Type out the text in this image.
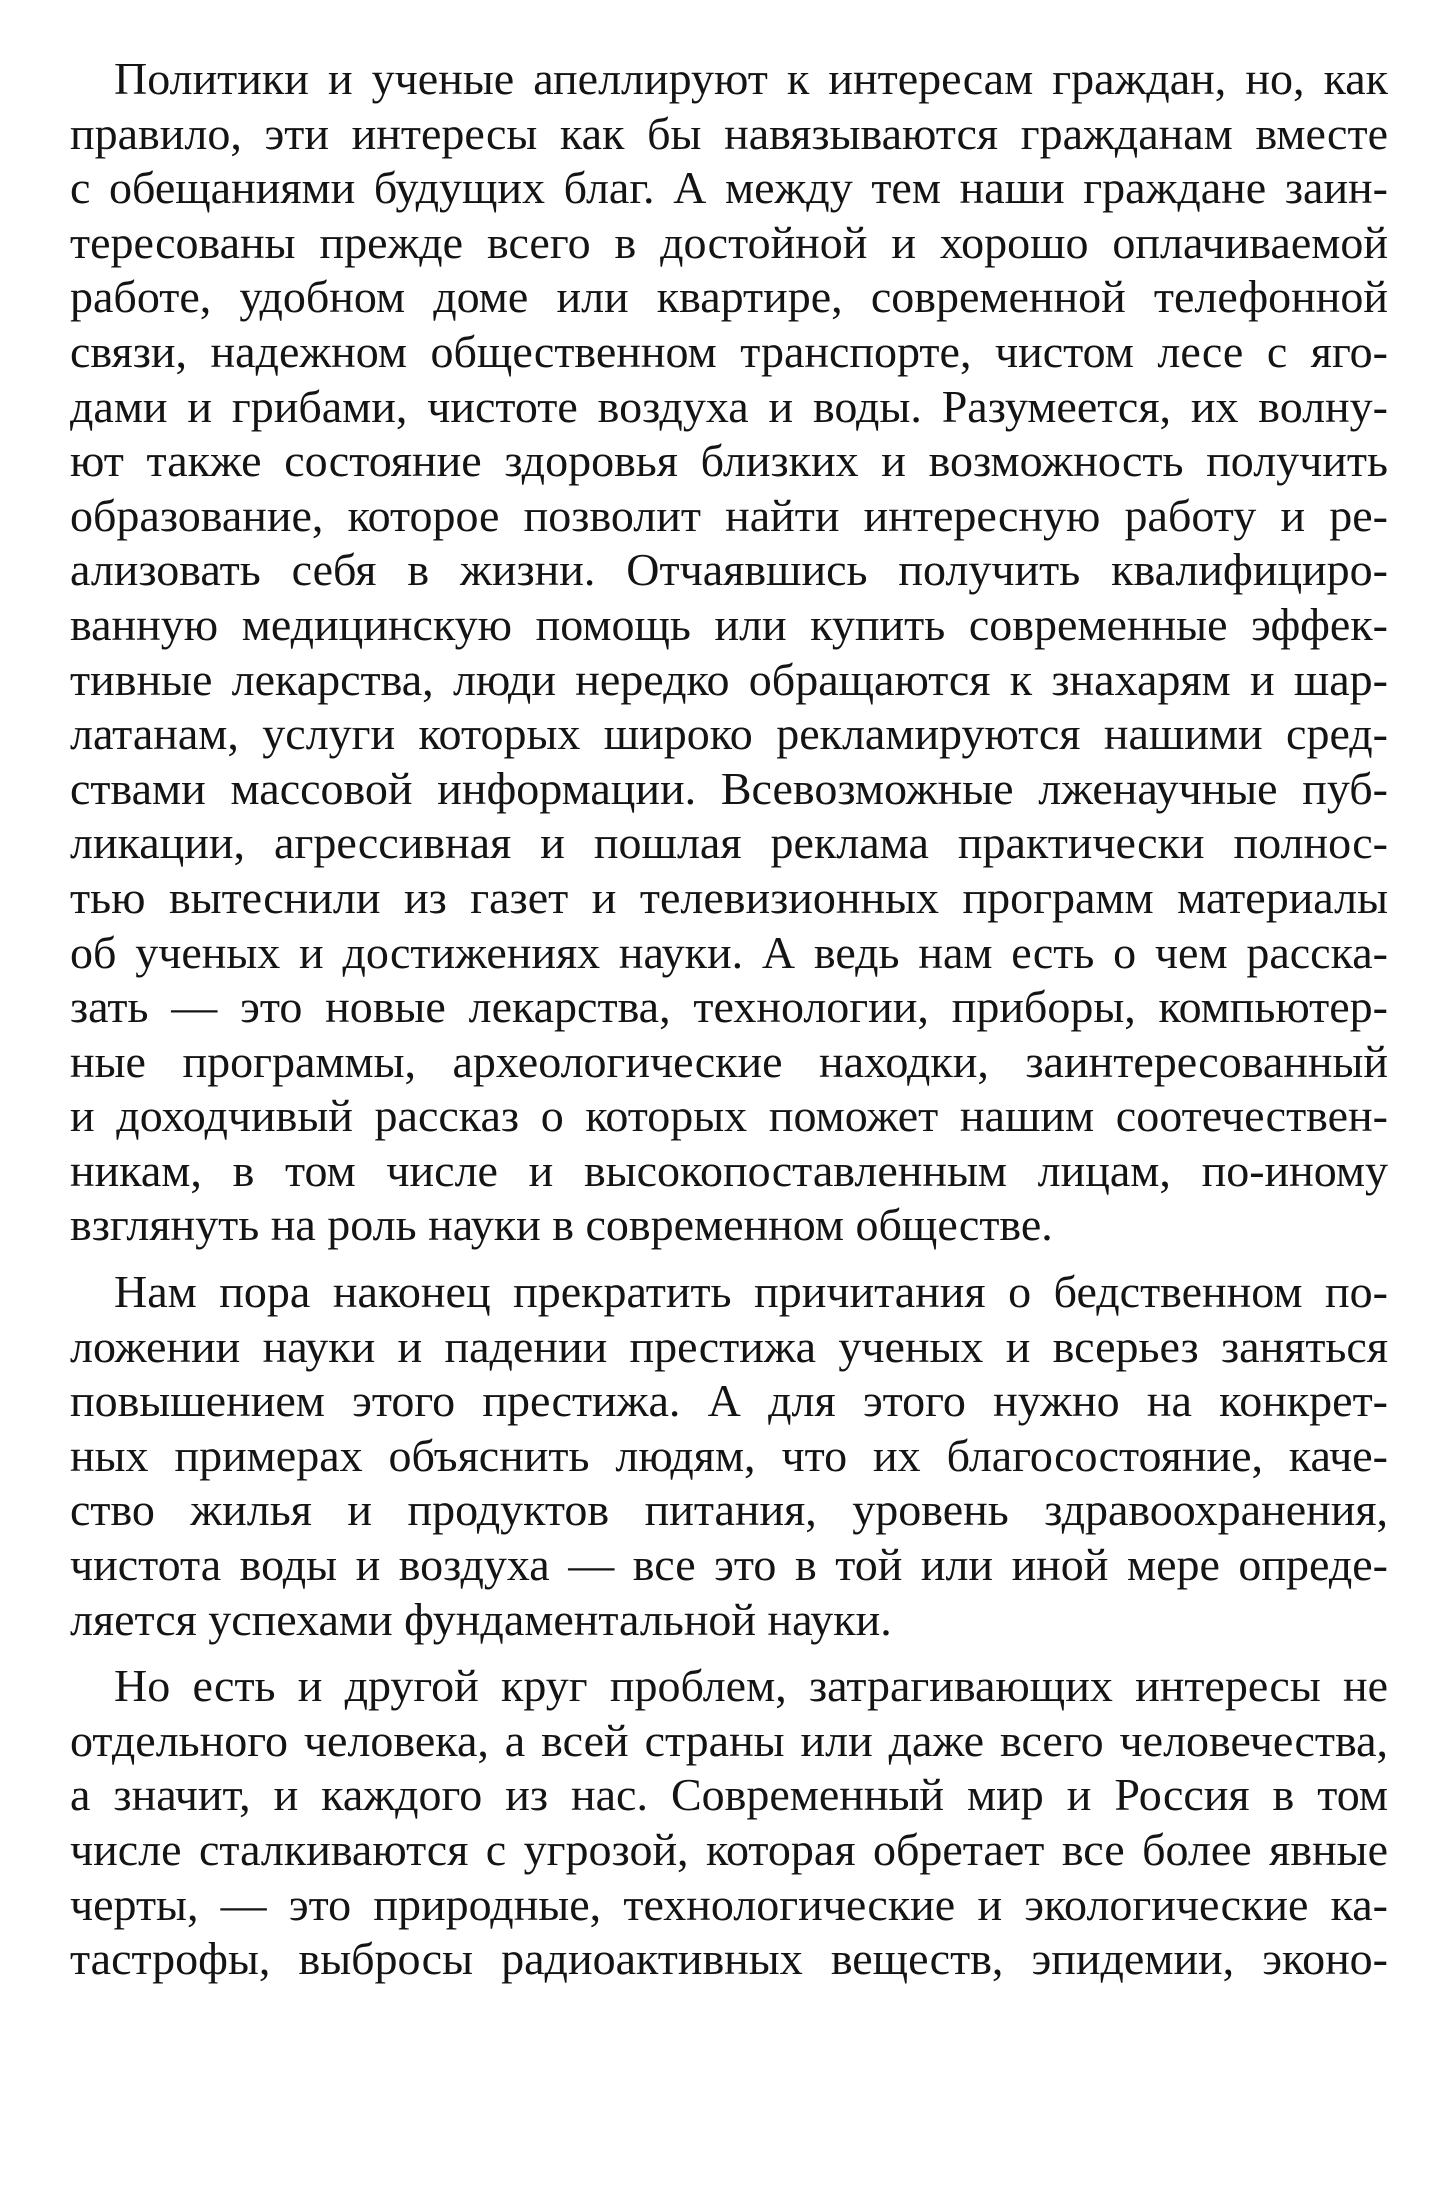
Политики и ученые апеллируют к интересам граждан, но, как
правило, эти интересы как бы навязываются гражданам вместе
с обещаниями будущих благ. А между тем наши граждане заин-
тересованы прежде всего в достойной и хорошо оплачиваемой
работе, удобном доме или квартире, современной телефонной
связи, надежном общественном транспорте, чистом лесе с яго-
дами и грибами, чистоте воздуха и воды. Разумеется, их волну-
ют также состояние здоровья близких и возможность получить
образование, которое позволит найти интересную работу и ре-
ализовать себя в жизни. Отчаявшись получить квалифициро-
ванную медицинскую помощь или купить современные эффек-
тивные лекарства, люди нередко обращаются к знахарям и шар-
латанам, услуги которых широко рекламируются нашими сред-
ствами массовой информации. Всевозможные лженаучные пуб-
ликации, агрессивная и пошлая реклама практически полнос-
тью вытеснили из газет и телевизионных программ материалы
об ученых и достижениях науки. А ведь нам есть о чем расска-
зать — это новые лекарства, технологии, приборы, компьютер-
ные программы, археологические находки, заинтересованный
и доходчивый рассказ о которых поможет нашим соотечествен-
никам, в том числе и высокопоставленным лицам, по-иному
взглянуть на роль науки в современном обществе.
Нам пора наконец прекратить причитания о бедственном по-
ложении науки и падении престижа ученых и всерьез заняться
повышением этого престижа. А для этого нужно на конкрет-
ных примерах объяснить людям, что их благосостояние, каче-
ство жилья и продуктов питания, уровень здравоохранения,
чистота воды и воздуха — все это в той или иной мере опреде-
ляется успехами фундаментальной науки.
Но есть и другой круг проблем, затрагивающих интересы не
отдельного человека, а всей страны или даже всего человечества,
а значит, и каждого из нас. Современный мир и Россия в том
числе сталкиваются с угрозой, которая обретает все более явные
черты, — это природные, технологические и экологические ка-
тастрофы, выбросы радиоактивных веществ, эпидемии, эконо-
